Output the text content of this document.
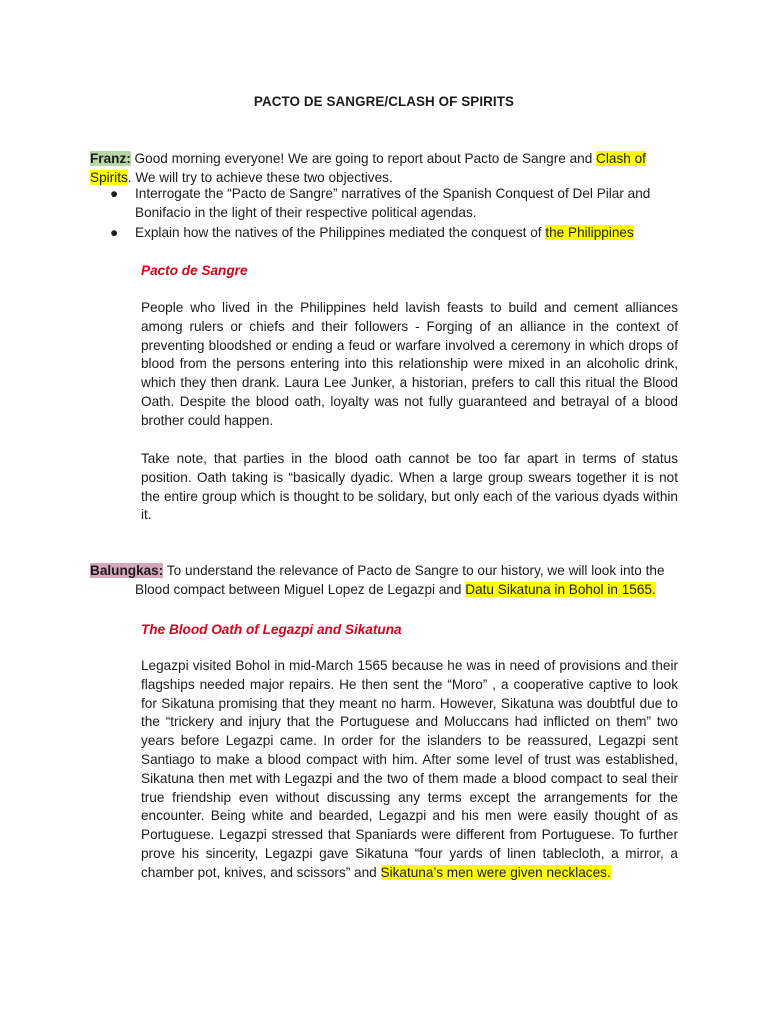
PACTO DE SANGRE/CLASH OF SPIRITS
Franz: Good morning everyone! We are going to report about Pacto de Sangre and Clash of Spirits. We will try to achieve these two objectives.
● Interrogate the “Pacto de Sangre” narratives of the Spanish Conquest of Del Pilar and Bonifacio in the light of their respective political agendas.
● Explain how the natives of the Philippines mediated the conquest of the Philippines
Pacto de Sangre

People who lived in the Philippines held lavish feasts to build and cement alliances among rulers or chiefs and their followers - Forging of an alliance in the context of preventing bloodshed or ending a feud or warfare involved a ceremony in which drops of blood from the persons entering into this relationship were mixed in an alcoholic drink, which they then drank. Laura Lee Junker, a historian, prefers to call this ritual the Blood Oath. Despite the blood oath, loyalty was not fully guaranteed and betrayal of a blood brother could happen.

Take note, that parties in the blood oath cannot be too far apart in terms of status position. Oath taking is “basically dyadic. When a large group swears together it is not the entire group which is thought to be solidary, but only each of the various dyads within it.

Balungkas: To understand the relevance of Pacto de Sangre to our history, we will look into the
Blood compact between Miguel Lopez de Legazpi and Datu Sikatuna in Bohol in 1565.
The Blood Oath of Legazpi and Sikatuna

Legazpi visited Bohol in mid-March 1565 because he was in need of provisions and their flagships needed major repairs. He then sent the “Moro” , a cooperative captive to look for Sikatuna promising that they meant no harm. However, Sikatuna was doubtful due to the “trickery and injury that the Portuguese and Moluccans had inflicted on them” two years before Legazpi came. In order for the islanders to be reassured, Legazpi sent Santiago to make a blood compact with him. After some level of trust was established, Sikatuna then met with Legazpi and the two of them made a blood compact to seal their true friendship even without discussing any terms except the arrangements for the encounter. Being white and bearded, Legazpi and his men were easily thought of as Portuguese. Legazpi stressed that Spaniards were different from Portuguese. To further prove his sincerity, Legazpi gave Sikatuna “four yards of linen tablecloth, a mirror, a chamber pot, knives, and scissors” and Sikatuna’s men were given necklaces.
